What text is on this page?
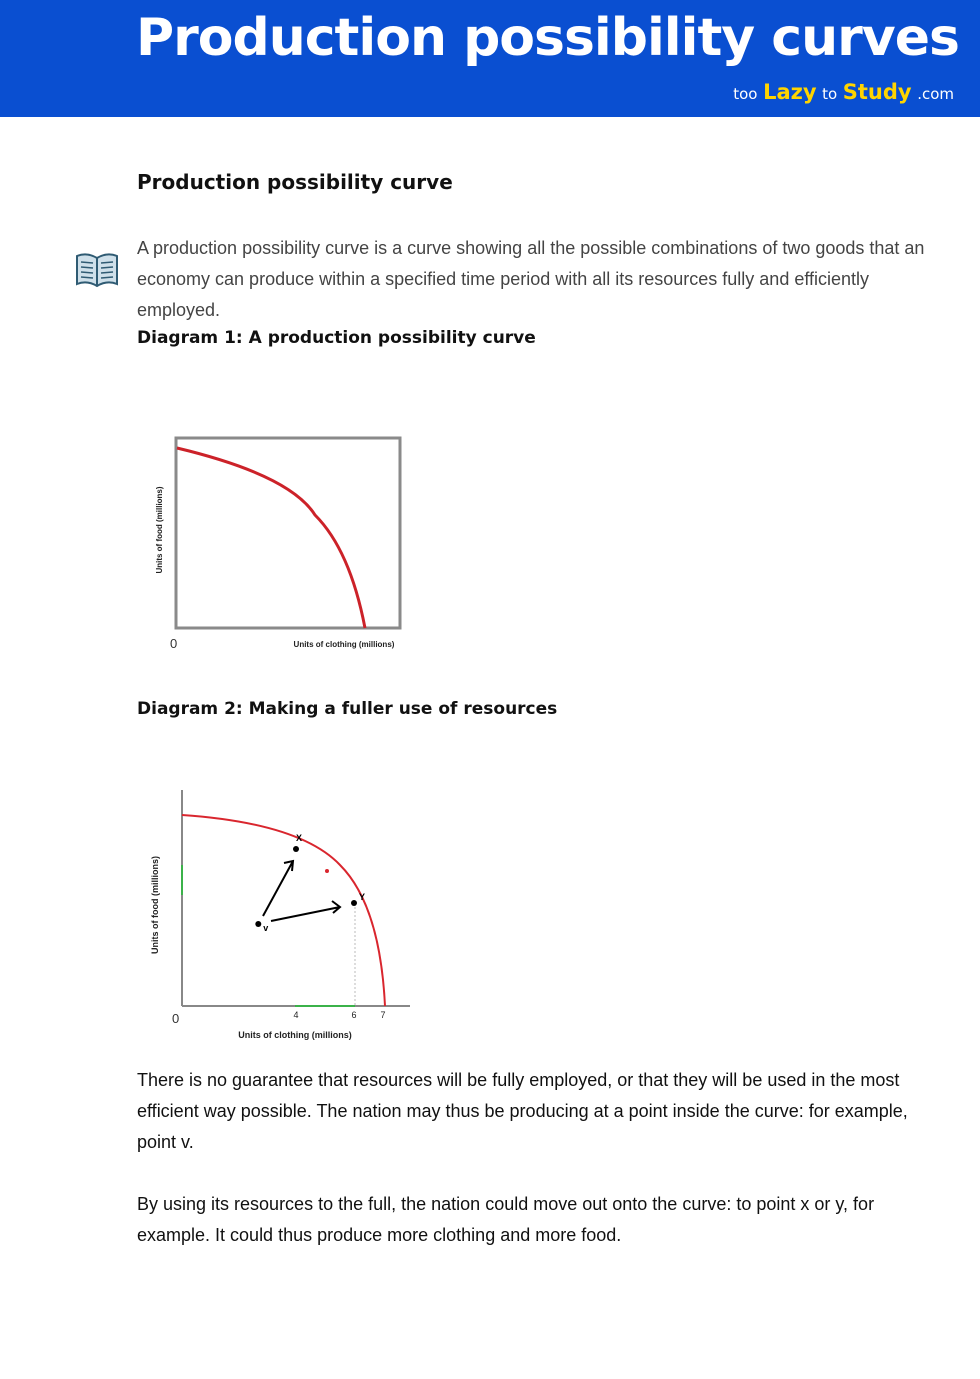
Production possibility curves
too Lazy to Study .com
Production possibility curve
A production possibility curve is a curve showing all the possible combinations of two goods that an economy can produce within a specified time period with all its resources fully and efficiently employed.
Diagram 1: A production possibility curve
Units of food (millions)
0	Units of clothing (millions)
Diagram 2: Making a fuller use of resources
4	6	7
X
Y
v
Units of food (millions)
0
Units of clothing (millions)
There is no guarantee that resources will be fully employed, or that they will be used in the most efficient way possible. The nation may thus be producing at a point inside the curve: for example, point v.
By using its resources to the full, the nation could move out onto the curve: to point x or y, for example. It could thus produce more clothing and more food.
